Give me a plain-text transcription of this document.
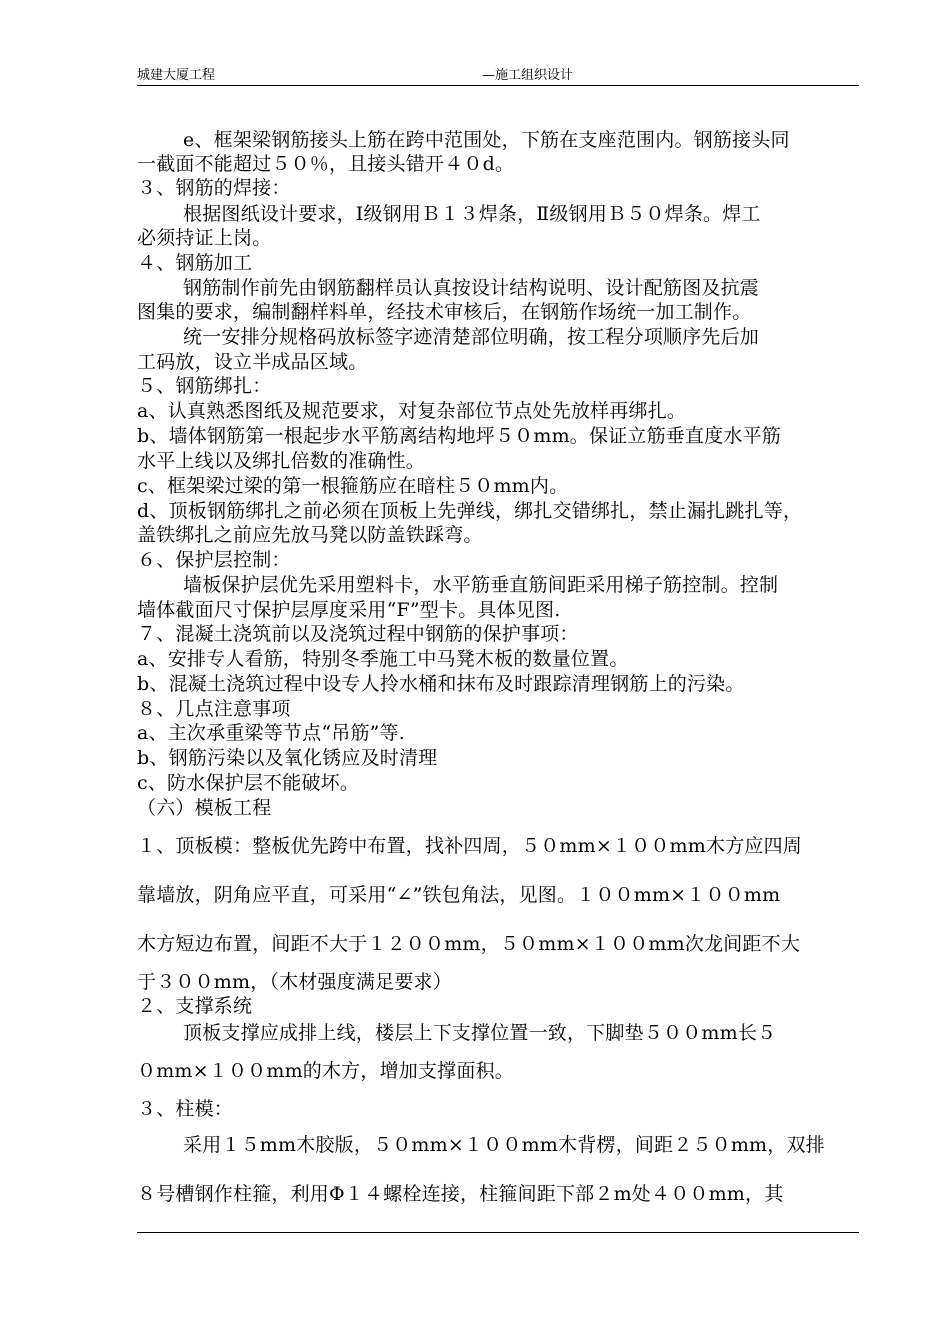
城建大厦工程	—施工组织设计
e、框架梁钢筋接头上筋在跨中范围处，下筋在支座范围内。钢筋接头同
一截面不能超过５０％，且接头错开４０d。
３、钢筋的焊接：
根据图纸设计要求，Ⅰ级钢用Ｂ１３焊条，Ⅱ级钢用Ｂ５０焊条。焊工
必须持证上岗。
４、钢筋加工
钢筋制作前先由钢筋翻样员认真按设计结构说明、设计配筋图及抗震
图集的要求，编制翻样料单，经技术审核后，在钢筋作场统一加工制作。
统一安排分规格码放标签字迹清楚部位明确，按工程分项顺序先后加
工码放，设立半成品区域。
５、钢筋绑扎：
a、认真熟悉图纸及规范要求，对复杂部位节点处先放样再绑扎。
b、墙体钢筋第一根起步水平筋离结构地坪５０mm。保证立筋垂直度水平筋
水平上线以及绑扎倍数的准确性。
c、框架梁过梁的第一根箍筋应在暗柱５０mm内。
d、顶板钢筋绑扎之前必须在顶板上先弹线，绑扎交错绑扎，禁止漏扎跳扎等，
盖铁绑扎之前应先放马凳以防盖铁踩弯。
６、保护层控制：
墙板保护层优先采用塑料卡，水平筋垂直筋间距采用梯子筋控制。控制
墙体截面尺寸保护层厚度采用“F”型卡。具体见图.
７、混凝土浇筑前以及浇筑过程中钢筋的保护事项：
a、安排专人看筋，特别冬季施工中马凳木板的数量位置。
b、混凝土浇筑过程中设专人拎水桶和抹布及时跟踪清理钢筋上的污染。
８、几点注意事项
a、主次承重梁等节点“吊筋”等.
b、钢筋污染以及氧化锈应及时清理
c、防水保护层不能破坏。
（六）模板工程
１、顶板模：整板优先跨中布置，找补四周，５０mm×１００mm木方应四周
靠墙放，阴角应平直，可采用“∠”铁包角法，见图。１００mm×１００mm
木方短边布置，间距不大于１２００mm，５０mm×１００mm次龙间距不大
于３００mm，（木材强度满足要求）
２、支撑系统
顶板支撑应成排上线，楼层上下支撑位置一致，下脚垫５００mm长５
０mm×１００mm的木方，增加支撑面积。
３、柱模：
采用１５mm木胶版，５０mm×１００mm木背楞，间距２５０mm，双排
８号槽钢作柱箍，利用Φ１４螺栓连接，柱箍间距下部２m处４００mm，其
